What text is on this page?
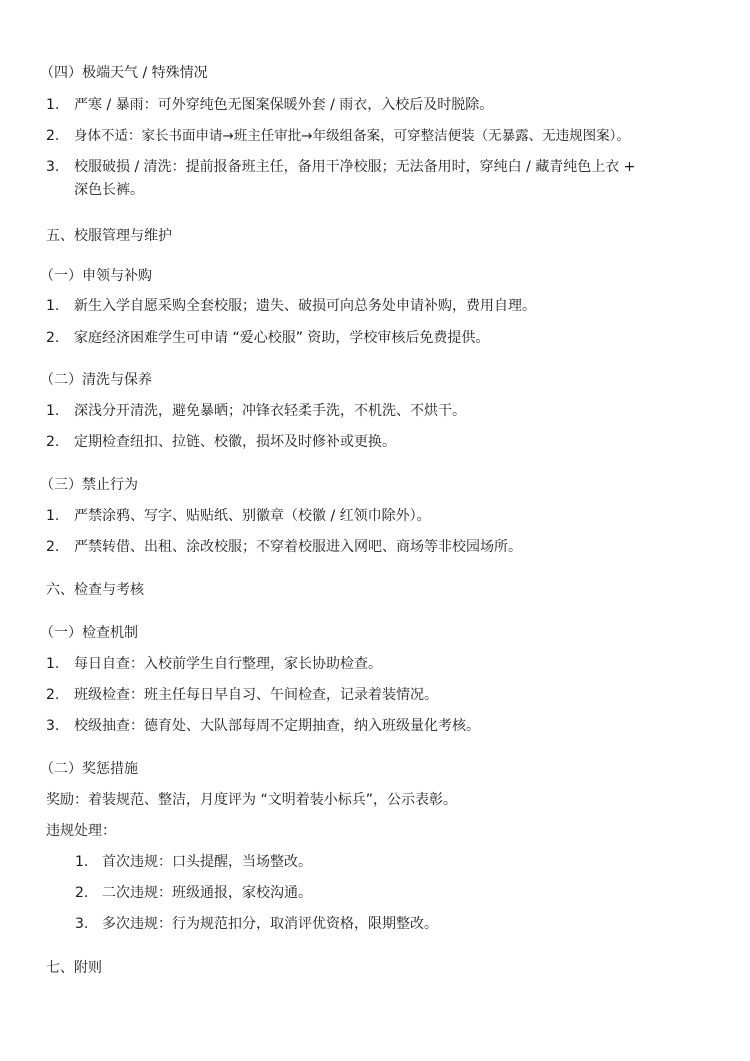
（四）极端天气 / 特殊情况
1.	严寒 / 暴雨：可外穿纯色无图案保暖外套 / 雨衣，入校后及时脱除。
2.	身体不适：家长书面申请→班主任审批→年级组备案，可穿整洁便装（无暴露、无违规图案）。
3.	校服破损 / 清洗：提前报备班主任，备用干净校服；无法备用时，穿纯白 / 藏青纯色上衣 +
深色长裤。
五、校服管理与维护
（一）申领与补购
1.	新生入学自愿采购全套校服；遗失、破损可向总务处申请补购，费用自理。
2.	家庭经济困难学生可申请 “爱心校服” 资助，学校审核后免费提供。
（二）清洗与保养
1.	深浅分开清洗，避免暴晒；冲锋衣轻柔手洗，不机洗、不烘干。
2.	定期检查纽扣、拉链、校徽，损坏及时修补或更换。
（三）禁止行为
1.	严禁涂鸦、写字、贴贴纸、别徽章（校徽 / 红领巾除外）。
2.	严禁转借、出租、涂改校服；不穿着校服进入网吧、商场等非校园场所。
六、检查与考核
（一）检查机制
1.	每日自查：入校前学生自行整理，家长协助检查。
2.	班级检查：班主任每日早自习、午间检查，记录着装情况。
3.	校级抽查：德育处、大队部每周不定期抽查，纳入班级量化考核。
（二）奖惩措施
奖励：着装规范、整洁，月度评为 “文明着装小标兵”，公示表彰。
违规处理：
1. 首次违规：口头提醒，当场整改。
2. 二次违规：班级通报，家校沟通。
3. 多次违规：行为规范扣分，取消评优资格，限期整改。
七、附则
